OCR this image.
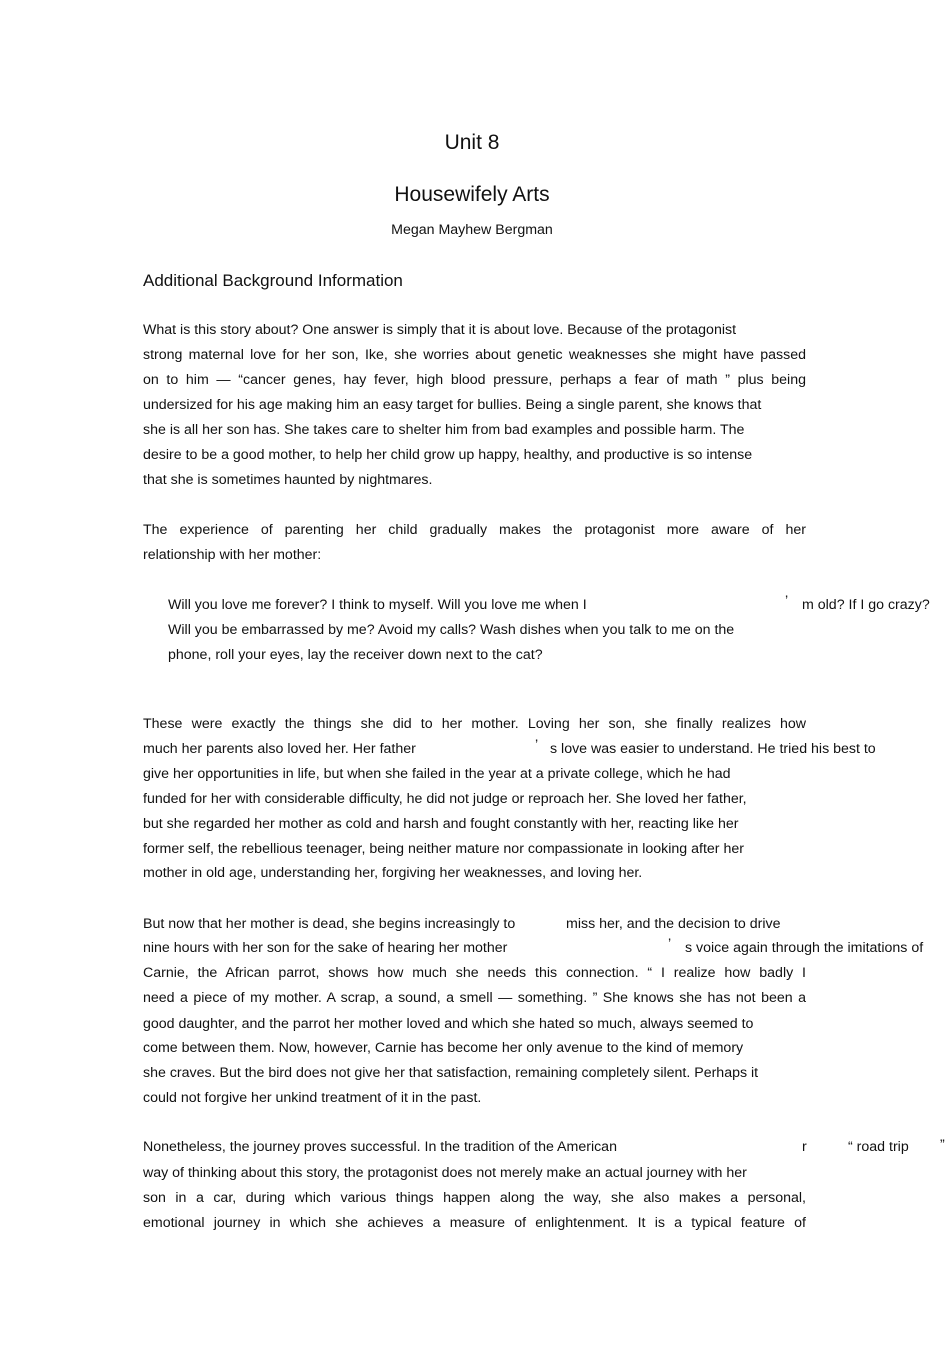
Unit 8
Housewifely Arts
Megan Mayhew Bergman
Additional Background Information
What is this story about? One answer is simply that it is about love. Because of the protagonist
strong maternal love for her son, Ike, she worries about genetic weaknesses she might have passed
on to him — “cancer genes, hay fever, high blood pressure, perhaps a fear of math ” plus being
undersized for his age making him an easy target for bullies. Being a single parent, she knows that
she is all her son has. She takes care to shelter him from bad examples and possible harm. The
desire to be a good mother, to help her child grow up happy, healthy, and productive is so intense
that she is sometimes haunted by nightmares.
The experience of parenting her child gradually makes the protagonist more aware of her
relationship with her mother:
Will you love me forever? I think to myself. Will you love me when I	’ m old? If I go crazy?
Will you be embarrassed by me? Avoid my calls? Wash dishes when you talk to me on the
phone, roll your eyes, lay the receiver down next to the cat?
These were exactly the things she did to her mother. Loving her son, she finally realizes how
much her parents also loved her. Her father	’ s love was easier to understand. He tried his best to
give her opportunities in life, but when she failed in the year at a private college, which he had
funded for her with considerable difficulty, he did not judge or reproach her. She loved her father,
but she regarded her mother as cold and harsh and fought constantly with her, reacting like her
former self, the rebellious teenager, being neither mature nor compassionate in looking after her
mother in old age, understanding her, forgiving her weaknesses, and loving her.
But now that her mother is dead, she begins increasingly to	miss her, and the decision to drive
nine hours with her son for the sake of hearing her mother	’ s voice again through the imitations of
Carnie, the African parrot, shows how much she needs this connection. “ I realize how badly I
need a piece of my mother. A scrap, a sound, a smell — something. ” She knows she has not been a
good daughter, and the parrot her mother loved and which she hated so much, always seemed to
come between them. Now, however, Carnie has become her only avenue to the kind of memory
she craves. But the bird does not give her that satisfaction, remaining completely silent. Perhaps it
could not forgive her unkind treatment of it in the past.
Nonetheless, the journey proves successful. In the tradition of the American	r	“ road trip ”
way of thinking about this story, the protagonist does not merely make an actual journey with her
son in a car, during which various things happen along the way, she also makes a personal,
emotional journey in which she achieves a measure of enlightenment. It is a typical feature of
